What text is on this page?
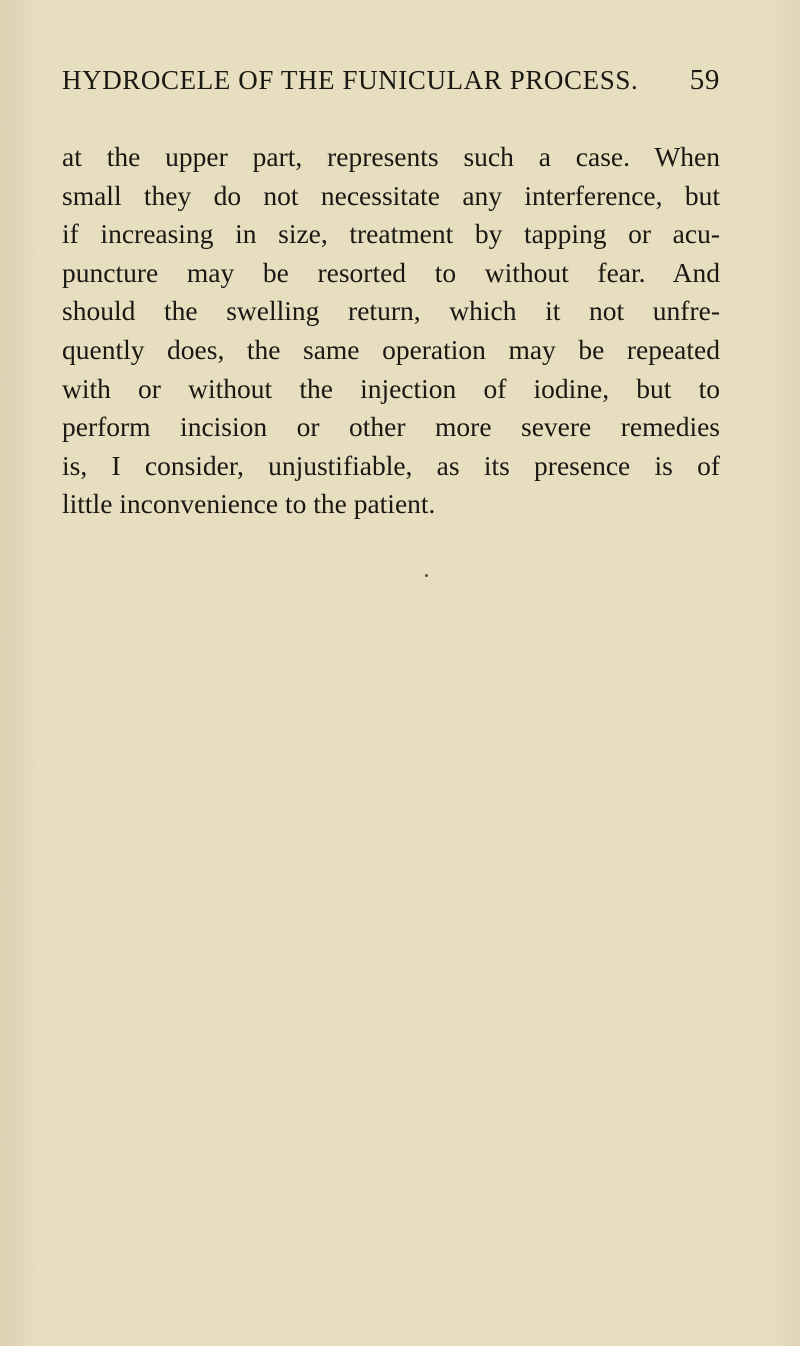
HYDROCELE OF THE FUNICULAR PROCESS. 59
at the upper part, represents such a case. When
small they do not necessitate any interference, but
if increasing in size, treatment by tapping or acu-
puncture may be resorted to without fear. And
should the swelling return, which it not unfre-
quently does, the same operation may be repeated
with or without the injection of iodine, but to
perform incision or other more severe remedies
is, I consider, unjustifiable, as its presence is of
little inconvenience to the patient.
